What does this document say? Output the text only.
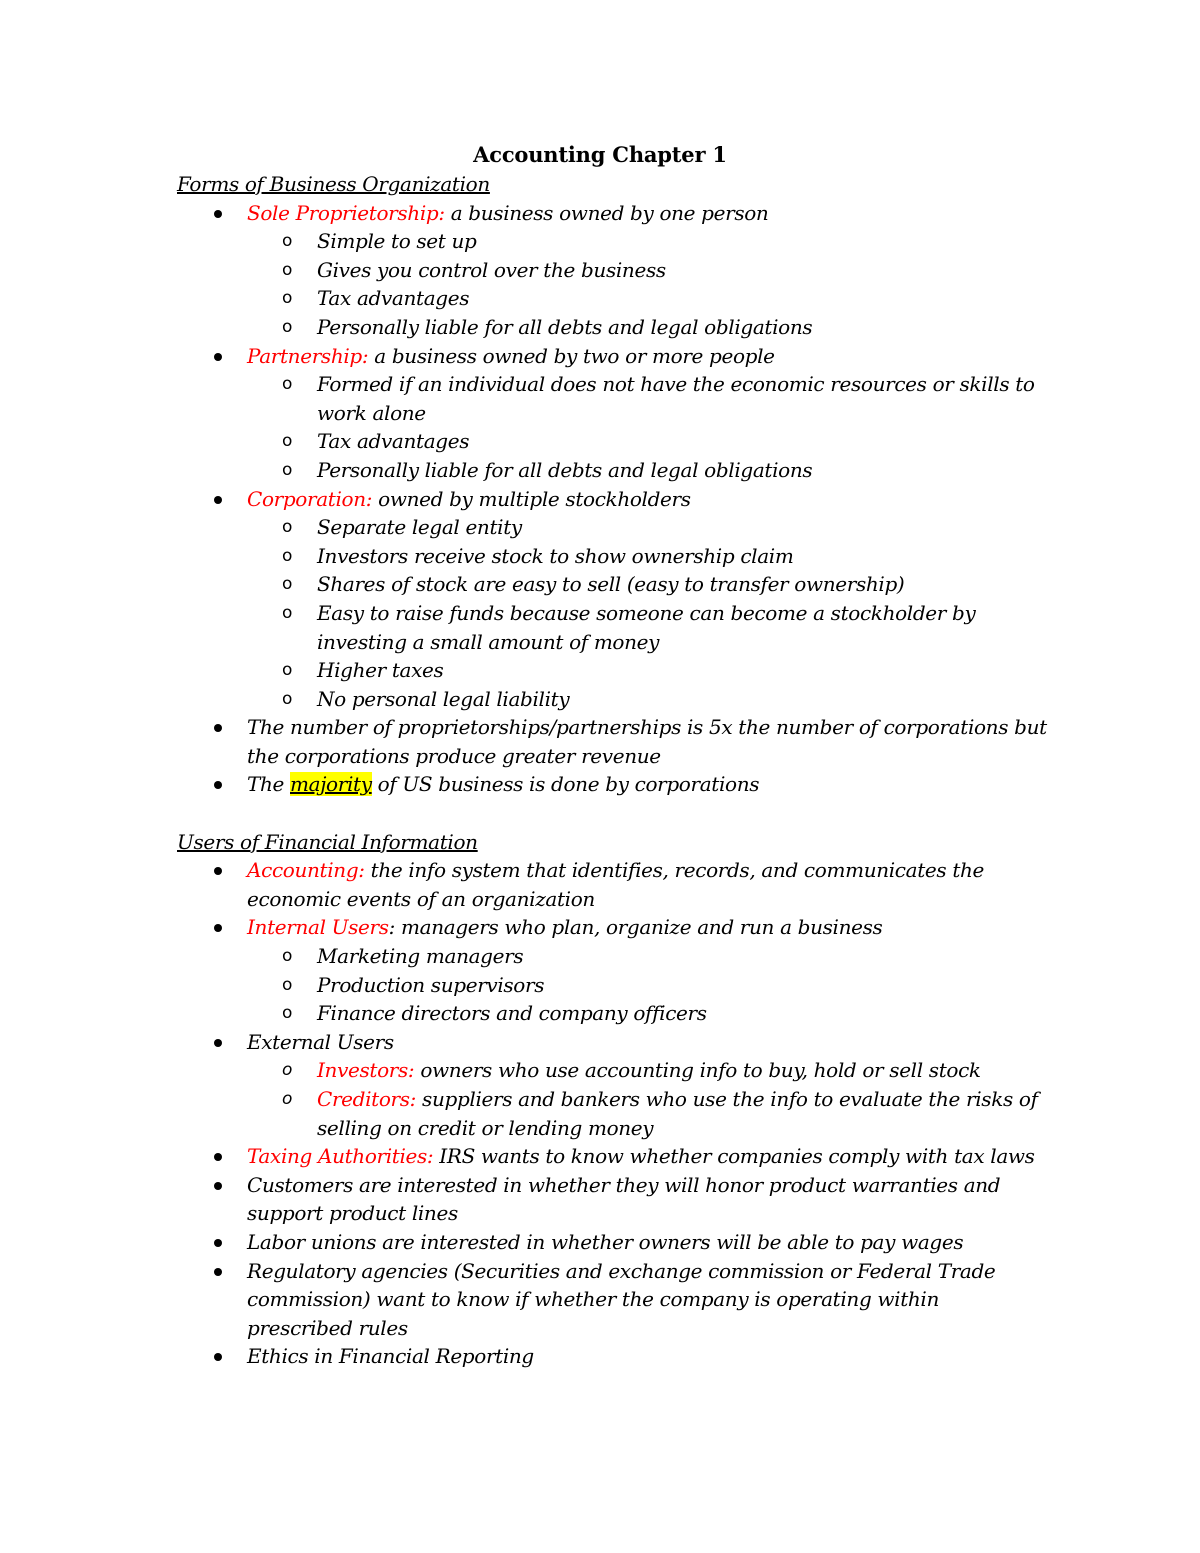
Accounting Chapter 1
Forms of Business Organization
Sole Proprietorship: a business owned by one person
o Simple to set up
o Gives you control over the business
o Tax advantages
o Personally liable for all debts and legal obligations
Partnership: a business owned by two or more people
o Formed if an individual does not have the economic resources or skills to work alone
o Tax advantages
o Personally liable for all debts and legal obligations
Corporation: owned by multiple stockholders
o Separate legal entity
o Investors receive stock to show ownership claim
o Shares of stock are easy to sell (easy to transfer ownership)
o Easy to raise funds because someone can become a stockholder by investing a small amount of money
o Higher taxes
o No personal legal liability
The number of proprietorships/partnerships is 5x the number of corporations but the corporations produce greater revenue
The majority of US business is done by corporations
Users of Financial Information
Accounting: the info system that identifies, records, and communicates the economic events of an organization
Internal Users: managers who plan, organize and run a business
o Marketing managers
o Production supervisors
o Finance directors and company officers
External Users
o Investors: owners who use accounting info to buy, hold or sell stock
o Creditors: suppliers and bankers who use the info to evaluate the risks of selling on credit or lending money
Taxing Authorities: IRS wants to know whether companies comply with tax laws
Customers are interested in whether they will honor product warranties and support product lines
Labor unions are interested in whether owners will be able to pay wages
Regulatory agencies (Securities and exchange commission or Federal Trade commission) want to know if whether the company is operating within prescribed rules
Ethics in Financial Reporting
